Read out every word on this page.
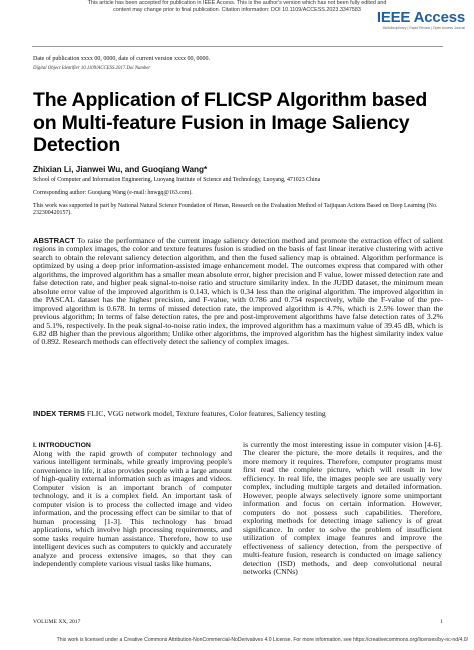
This article has been accepted for publication in IEEE Access. This is the author's version which has not been fully edited and
content may change prior to final publication. Citation information: DOI 10.1109/ACCESS.2023.3347583	IEEE Access
Multidisciplinary | Rapid Review | Open Access Journal
Date of publication xxxx 00, 0000, date of current version xxxx 00, 0000.
Digital Object Identifier 10.1109/ACCESS.2017.Doi Number
The Application of FLICSP Algorithm based on Multi-feature Fusion in Image Saliency Detection
Zhixian Li, Jianwei Wu, and Guoqiang Wang*
School of Computer and Information Engineering, Luoyang Institute of Science and Technology, Luoyang, 471023 China
Corresponding author: Guoqiang Wang (e-mail: hnwgq@163.com).
This work was supported in part by National Natural Science Foundation of Henan, Research on the Evaluation Method of Taijiquan Actions Based on Deep Learning (No. 232300420157).
ABSTRACT To raise the performance of the current image saliency detection method and promote the extraction effect of salient regions in complex images, the color and texture features fusion is studied on the basis of fast linear iterative clustering with active search to obtain the relevant saliency detection algorithm, and then the fused saliency map is obtained. Algorithm performance is optimized by using a deep prior information-assisted image enhancement model. The outcomes express that compared with other algorithms, the improved algorithm has a smaller mean absolute error, higher precision and F value, lower missed detection rate and false detection rate, and higher peak signal-to-noise ratio and structure similarity index. In the JUDD dataset, the minimum mean absolute error value of the improved algorithm is 0.143, which is 0.34 less than the original algorithm. The improved algorithm in the PASCAL dataset has the highest precision, and F-value, with 0.786 and 0.754 respectively, while the F-value of the pre-improved algorithm is 0.678. In terms of missed detection rate, the improved algorithm is 4.7%, which is 2.5% lower than the previous algorithm; In terms of false detection rates, the pre and post-improvement algorithms have false detection rates of 3.2% and 5.1%, respectively. In the peak signal-to-noise ratio index, the improved algorithm has a maximum value of 39.45 dB, which is 6.82 dB higher than the previous algorithm; Unlike other algorithms, the improved algorithm has the highest similarity index value of 0.892. Research methods can effectively detect the saliency of complex images.
INDEX TERMS FLIC, VGG network model, Texture features, Color features, Saliency testing
I. INTRODUCTION
Along with the rapid growth of computer technology and various intelligent terminals, while greatly improving people's convenience in life, it also provides people with a large amount of high-quality external information such as images and videos. Computer vision is an important branch of computer technology, and it is a complex field. An important task of computer vision is to process the collected image and video information, and the processing effect can be similar to that of human processing [1-3]. This technology has broad applications, which involve high processing requirements, and some tasks require human assistance. Therefore, how to use intelligent devices such as computers to quickly and accurately analyze and process extensive images, so that they can independently complete various visual tasks like humans,
is currently the most interesting issue in computer vision [4-6]. The clearer the picture, the more details it requires, and the more memory it requires. Therefore, computer programs must first read the complete picture, which will result in low efficiency. In real life, the images people see are usually very complex, including multiple targets and detailed information. However, people always selectively ignore some unimportant information and focus on certain information. However, computers do not possess such capabilities. Therefore, exploring methods for detecting image saliency is of great significance. In order to solve the problem of insufficient utilization of complex image features and improve the effectiveness of saliency detection, from the perspective of multi-feature fusion, research is conducted on image saliency detection (ISD) methods, and deep convolutional neural networks (CNNs)
VOLUME XX, 2017	1
This work is licensed under a Creative Commons Attribution-NonCommercial-NoDerivatives 4.0 License. For more information, see https://creativecommons.org/licenses/by-nc-nd/4.0/
